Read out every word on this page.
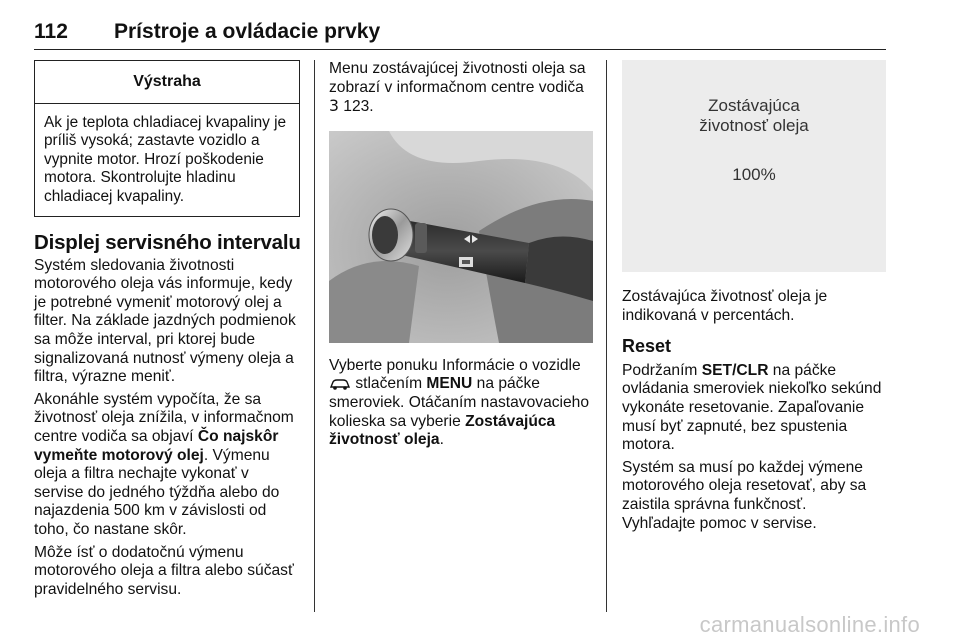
112 Prístroje a ovládacie prvky
Výstraha
Ak je teplota chladiacej kvapaliny je príliš vysoká; zastavte vozidlo a vypnite motor. Hrozí poškodenie motora. Skontrolujte hladinu chladiacej kvapaliny.
Displej servisného intervalu

Systém sledovania životnosti motorového oleja vás informuje, kedy je potrebné vymeniť motorový olej a filter. Na základe jazdných podmienok sa môže interval, pri ktorej bude signalizovaná nutnosť výmeny oleja a filtra, výrazne meniť.

Akonáhle systém vypočíta, že sa životnosť oleja znížila, v informačnom centre vodiča sa objaví Čo najskôr vymeňte motorový olej. Výmenu oleja a filtra nechajte vykonať v servise do jedného týždňa alebo do najazdenia 500 km v závislosti od toho, čo nastane skôr.

Môže ísť o dodatočnú výmenu motorového oleja a filtra alebo súčasť pravidelného servisu.

Menu zostávajúcej životnosti oleja sa zobrazí v informačnom centre vodiča 3 123.

Vyberte ponuku Informácie o vozidle  stlačením MENU na páčke smeroviek. Otáčaním nastavovacieho kolieska sa vyberie Zostávajúca životnosť oleja.

Zostávajúca
životnosť oleja
100%

Zostávajúca životnosť oleja je indikovaná v percentách.

Reset

Podržaním SET/CLR na páčke ovládania smeroviek niekoľko sekúnd vykonáte resetovanie. Zapaľovanie musí byť zapnuté, bez spustenia motora.

Systém sa musí po každej výmene motorového oleja resetovať, aby sa zaistila správna funkčnosť.

Vyhľadajte pomoc v servise.

carmanualsonline.info
